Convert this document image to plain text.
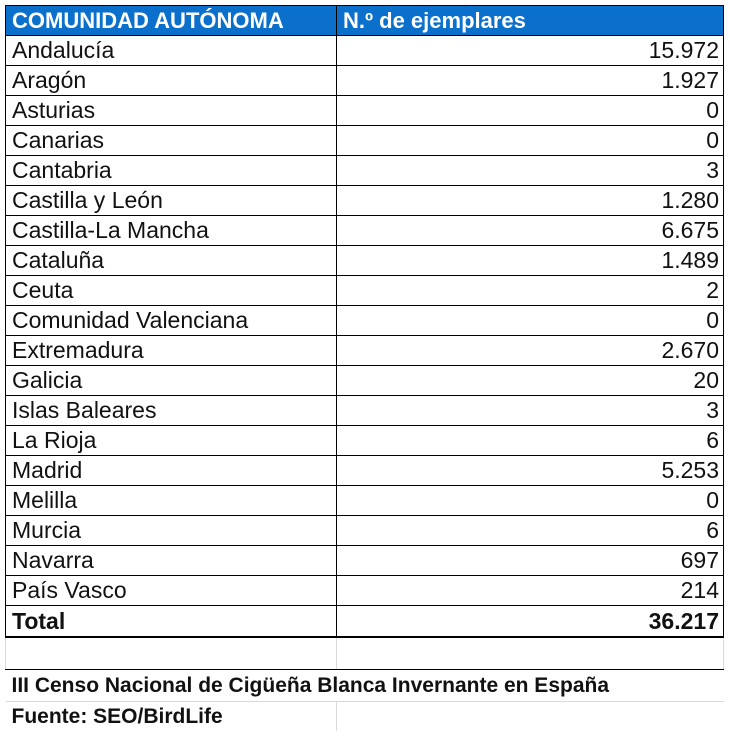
COMUNIDAD AUTÓNOMA	N.º de ejemplares
Andalucía	15.972
Aragón	1.927
Asturias	0
Canarias	0
Cantabria	3
Castilla y León	1.280
Castilla-La Mancha	6.675
Cataluña	1.489
Ceuta	2
Comunidad Valenciana	0
Extremadura	2.670
Galicia	20
Islas Baleares	3
La Rioja	6
Madrid	5.253
Melilla	0
Murcia	6
Navarra	697
País Vasco	214
Total	36.217

III Censo Nacional de Cigüeña Blanca Invernante en España	
Fuente: SEO/BirdLife	
